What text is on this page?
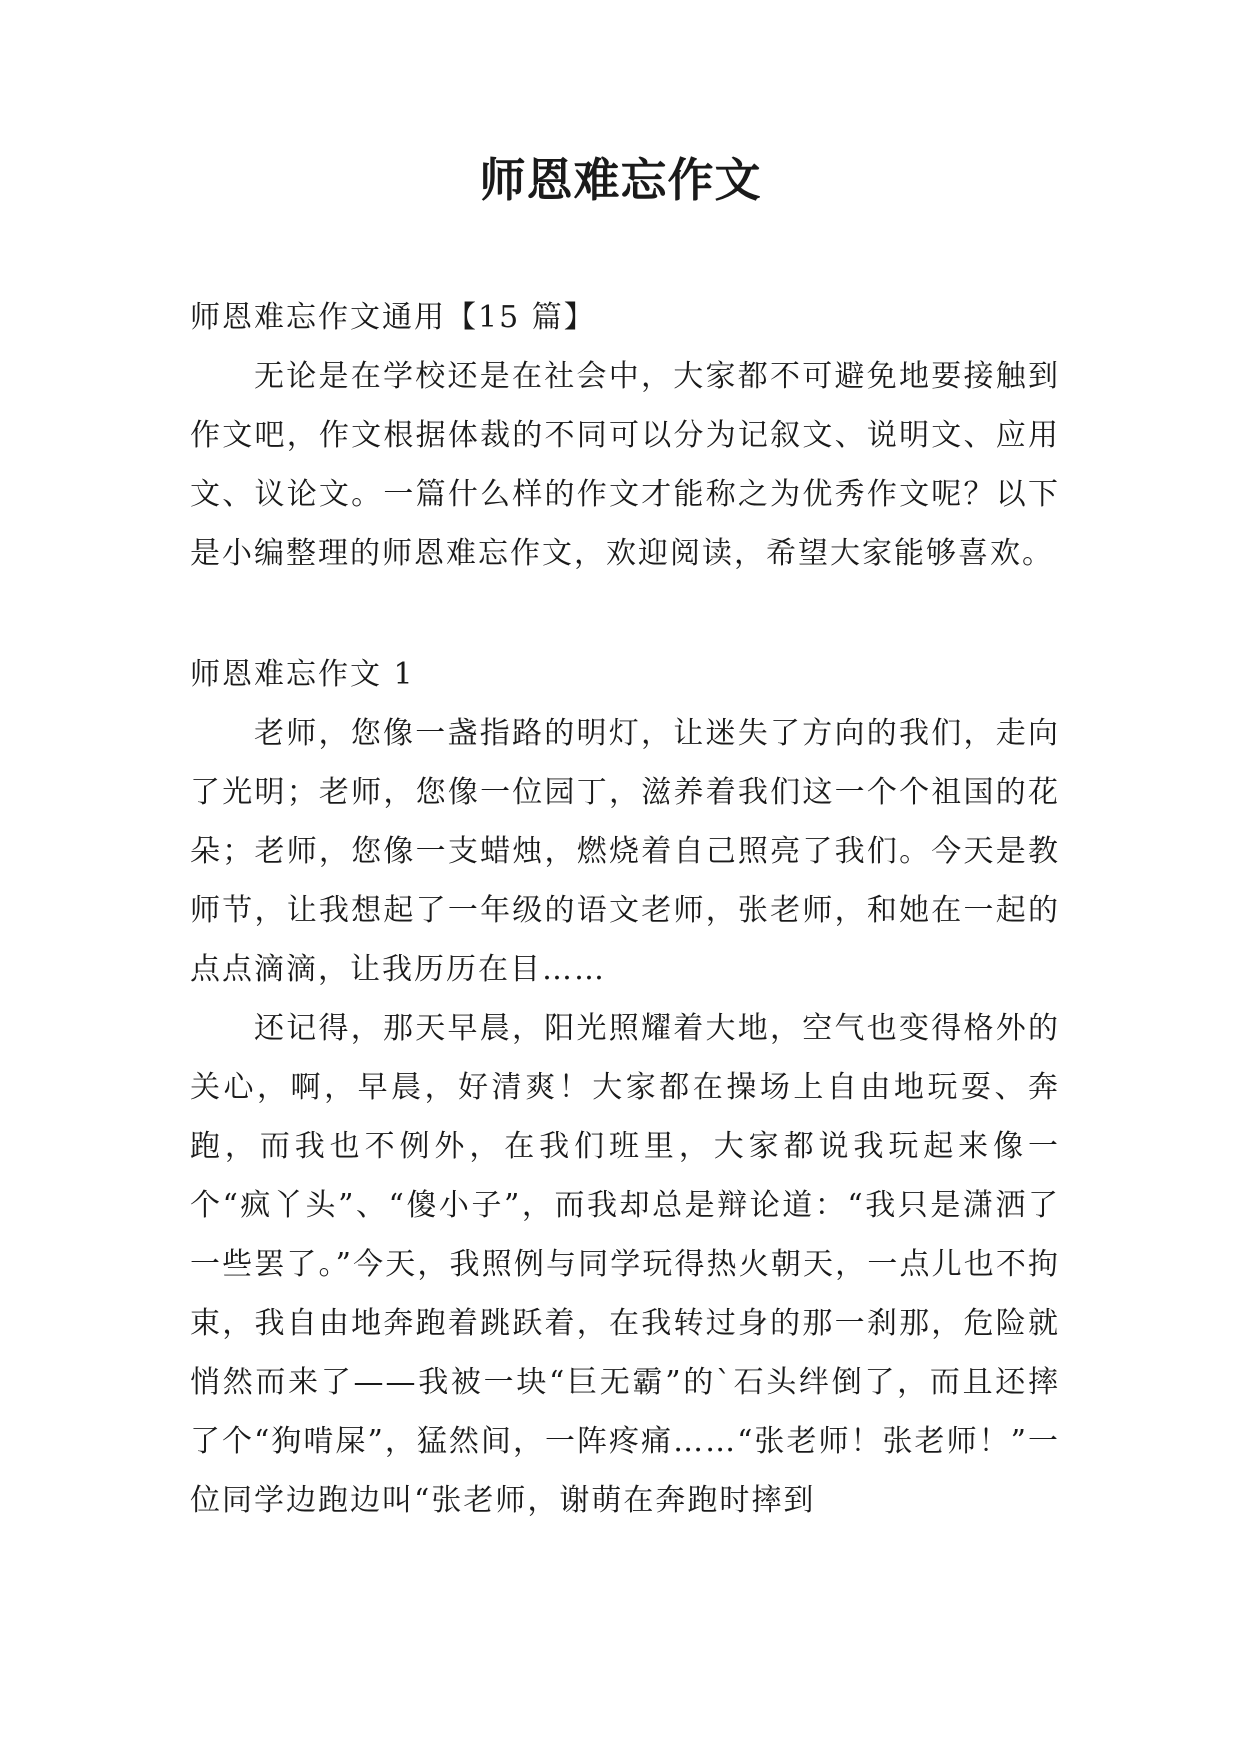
师恩难忘作文

师恩难忘作文通用【15 篇】

无论是在学校还是在社会中，大家都不可避免地要接触到作文吧，作文根据体裁的不同可以分为记叙文、说明文、应用文、议论文。一篇什么样的作文才能称之为优秀作文呢？以下是小编整理的师恩难忘作文，欢迎阅读，希望大家能够喜欢。

师恩难忘作文 1

老师，您像一盏指路的明灯，让迷失了方向的我们，走向了光明；老师，您像一位园丁，滋养着我们这一个个祖国的花朵；老师，您像一支蜡烛，燃烧着自己照亮了我们。今天是教师节，让我想起了一年级的语文老师，张老师，和她在一起的点点滴滴，让我历历在目……

还记得，那天早晨，阳光照耀着大地，空气也变得格外的关心，啊，早晨，好清爽！大家都在操场上自由地玩耍、奔跑，而我也不例外，在我们班里，大家都说我玩起来像一个“疯丫头”、“傻小子”，而我却总是辩论道：“我只是潇洒了一些罢了。”今天，我照例与同学玩得热火朝天，一点儿也不拘束，我自由地奔跑着跳跃着，在我转过身的那一刹那，危险就悄然而来了——我被一块“巨无霸”的`石头绊倒了，而且还摔了个“狗啃屎”，猛然间，一阵疼痛……“张老师！张老师！”一位同学边跑边叫“张老师，谢萌在奔跑时摔到
